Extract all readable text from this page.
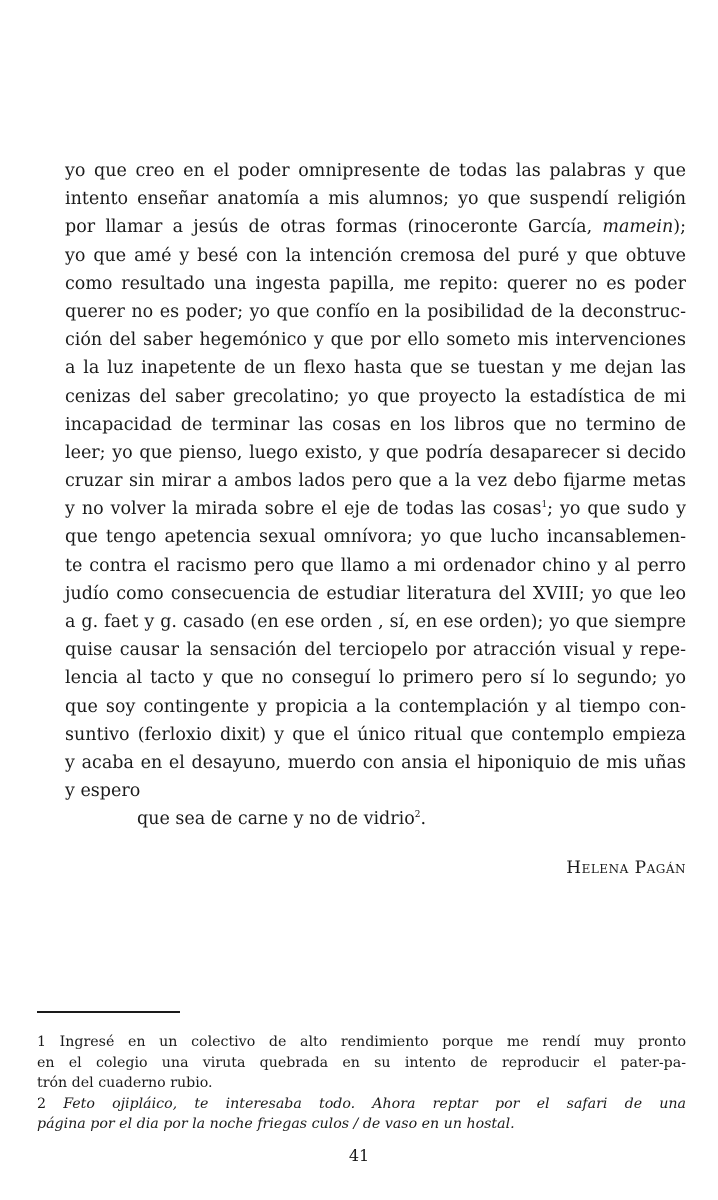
yo que creo en el poder omnipresente de todas las palabras y que
intento enseñar anatomía a mis alumnos; yo que suspendí religión
por llamar a jesús de otras formas (rinoceronte García, mamein);
yo que amé y besé con la intención cremosa del puré y que obtuve
como resultado una ingesta papilla, me repito: querer no es poder
querer no es poder; yo que confío en la posibilidad de la deconstruc-
ción del saber hegemónico y que por ello someto mis intervenciones
a la luz inapetente de un flexo hasta que se tuestan y me dejan las
cenizas del saber grecolatino; yo que proyecto la estadística de mi
incapacidad de terminar las cosas en los libros que no termino de
leer; yo que pienso, luego existo, y que podría desaparecer si decido
cruzar sin mirar a ambos lados pero que a la vez debo fijarme metas
y no volver la mirada sobre el eje de todas las cosas$^1$; yo que sudo y
que tengo apetencia sexual omnívora; yo que lucho incansablemen-
te contra el racismo pero que llamo a mi ordenador chino y al perro
judío como consecuencia de estudiar literatura del XVIII; yo que leo
a g. faet y g. casado (en ese orden , sí, en ese orden); yo que siempre
quise causar la sensación del terciopelo por atracción visual y repe-
lencia al tacto y que no conseguí lo primero pero sí lo segundo; yo
que soy contingente y propicia a la contemplación y al tiempo con-
suntivo (ferloxio dixit) y que el único ritual que contemplo empieza
y acaba en el desayuno, muerdo con ansia el hiponiquio de mis uñas
y espero
que sea de carne y no de vidrio$^2$.

Helena Pagán

1 Ingresé en un colectivo de alto rendimiento porque me rendí muy pronto
en el colegio una viruta quebrada en su intento de reproducir el pater-pa-
trón del cuaderno rubio.
2 Feto ojipláico, te interesaba todo. Ahora reptar por el safari de una
página por el dia por la noche friegas culos / de vaso en un hostal.

41
